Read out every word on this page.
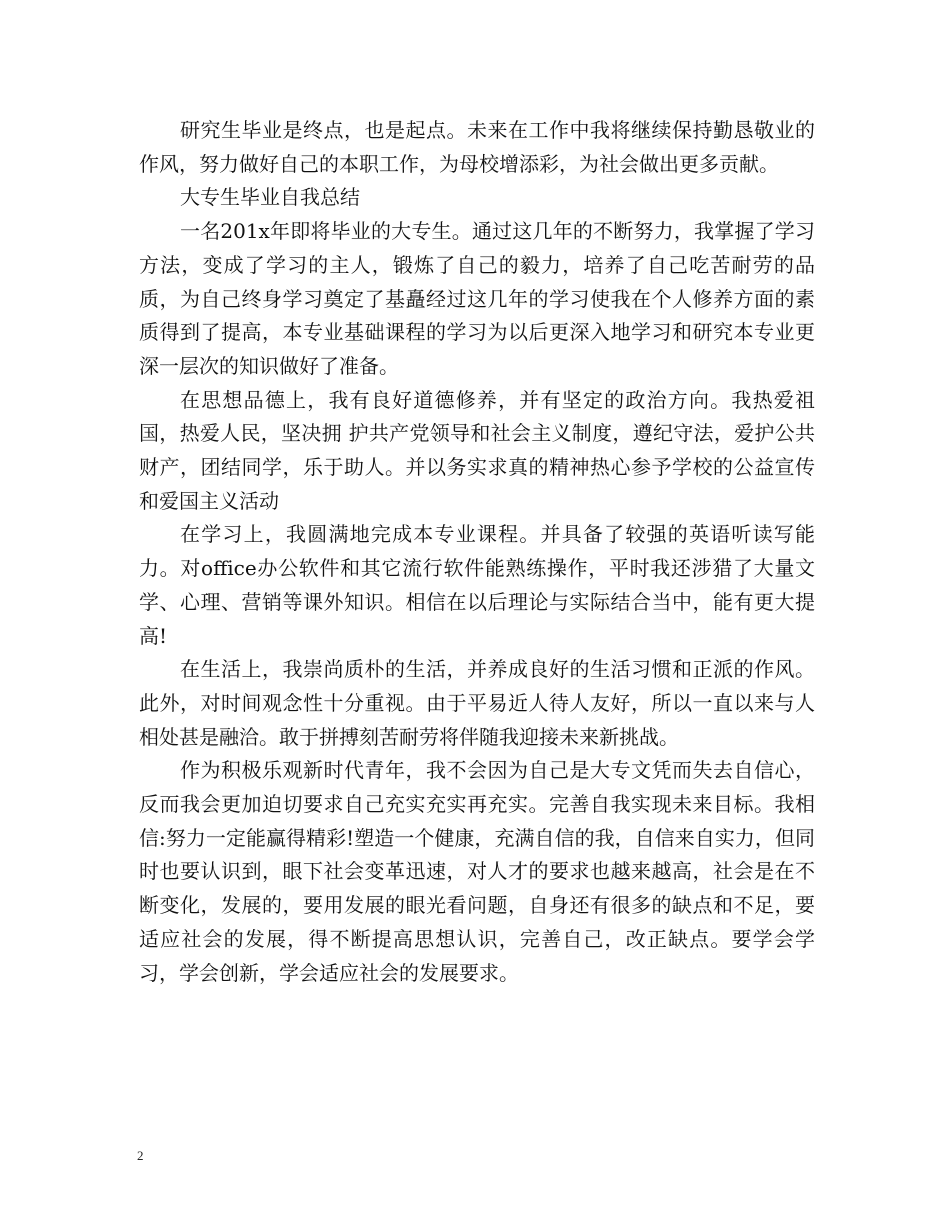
研究生毕业是终点，也是起点。未来在工作中我将继续保持勤恳敬业的作风，努力做好自己的本职工作，为母校增添彩，为社会做出更多贡献。

大专生毕业自我总结

一名201x年即将毕业的大专生。通过这几年的不断努力，我掌握了学习方法，变成了学习的主人，锻炼了自己的毅力，培养了自己吃苦耐劳的品质，为自己终身学习奠定了基矗经过这几年的学习使我在个人修养方面的素质得到了提高，本专业基础课程的学习为以后更深入地学习和研究本专业更深一层次的知识做好了准备。

在思想品德上，我有良好道德修养，并有坚定的政治方向。我热爱祖国，热爱人民，坚决拥 护共产党领导和社会主义制度，遵纪守法，爱护公共财产，团结同学，乐于助人。并以务实求真的精神热心参予学校的公益宣传和爱国主义活动

在学习上，我圆满地完成本专业课程。并具备了较强的英语听读写能力。对office办公软件和其它流行软件能熟练操作，平时我还涉猎了大量文学、心理、营销等课外知识。相信在以后理论与实际结合当中，能有更大提高!

在生活上，我崇尚质朴的生活，并养成良好的生活习惯和正派的作风。此外，对时间观念性十分重视。由于平易近人待人友好，所以一直以来与人相处甚是融洽。敢于拼搏刻苦耐劳将伴随我迎接未来新挑战。

作为积极乐观新时代青年，我不会因为自己是大专文凭而失去自信心，反而我会更加迫切要求自己充实充实再充实。完善自我实现未来目标。我相信:努力一定能赢得精彩!塑造一个健康，充满自信的我，自信来自实力，但同时也要认识到，眼下社会变革迅速，对人才的要求也越来越高，社会是在不断变化，发展的，要用发展的眼光看问题，自身还有很多的缺点和不足，要适应社会的发展，得不断提高思想认识，完善自己，改正缺点。要学会学习，学会创新，学会适应社会的发展要求。

2
